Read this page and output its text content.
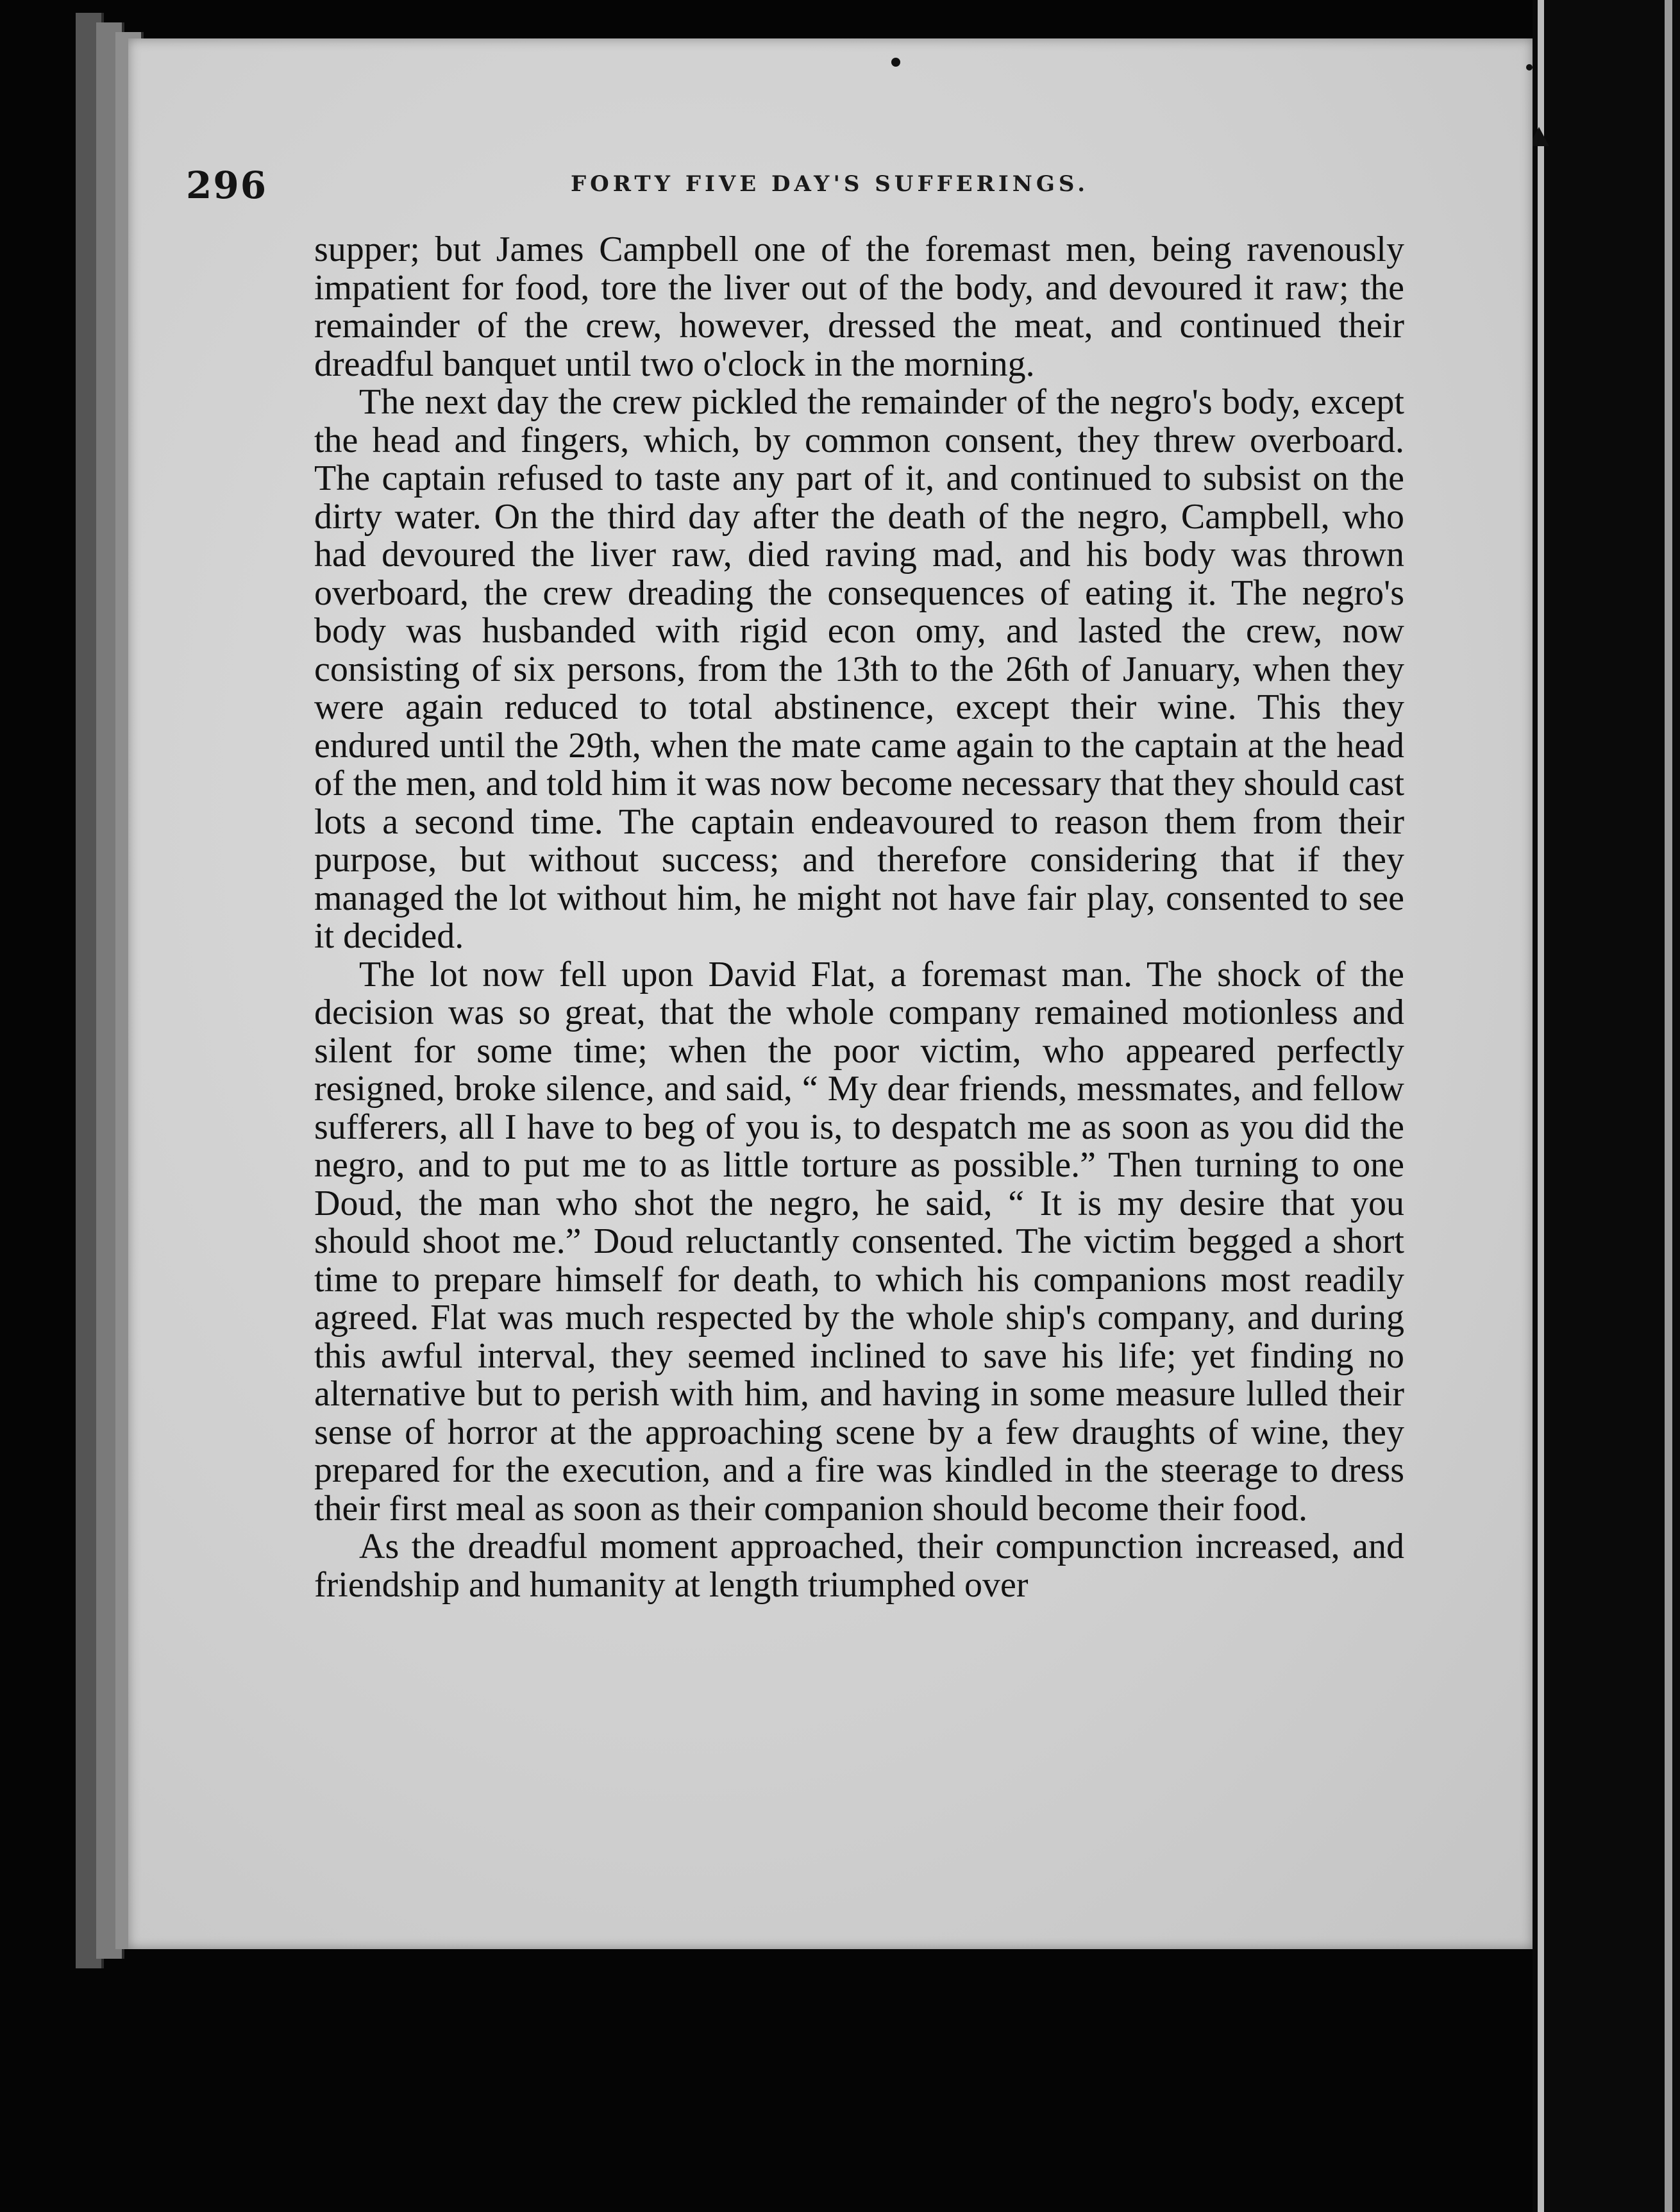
296	FORTY FIVE DAY'S SUFFERINGS.

supper; but James Campbell one of the foremast men, being ravenously impatient for food, tore the liver out of the body, and devoured it raw; the remainder of the crew, however, dressed the meat, and continued their dreadful banquet until two o'clock in the morning.

The next day the crew pickled the remainder of the negro's body, except the head and fingers, which, by common consent, they threw overboard. The captain refused to taste any part of it, and continued to subsist on the dirty water. On the third day after the death of the negro, Campbell, who had devoured the liver raw, died raving mad, and his body was thrown overboard, the crew dreading the consequences of eating it. The negro's body was husbanded with rigid econ omy, and lasted the crew, now consisting of six persons, from the 13th to the 26th of January, when they were again reduced to total abstinence, except their wine. This they endured until the 29th, when the mate came again to the captain at the head of the men, and told him it was now become necessary that they should cast lots a second time. The captain endeavoured to reason them from their purpose, but without success; and therefore considering that if they managed the lot without him, he might not have fair play, consented to see it decided.

The lot now fell upon David Flat, a foremast man. The shock of the decision was so great, that the whole company remained motionless and silent for some time; when the poor victim, who appeared perfectly resigned, broke silence, and said, “ My dear friends, messmates, and fellow sufferers, all I have to beg of you is, to despatch me as soon as you did the negro, and to put me to as little torture as possible.” Then turning to one Doud, the man who shot the negro, he said, “ It is my desire that you should shoot me.” Doud reluctantly consented. The victim begged a short time to prepare himself for death, to which his companions most readily agreed. Flat was much respected by the whole ship's company, and during this awful interval, they seemed inclined to save his life; yet finding no alternative but to perish with him, and having in some measure lulled their sense of horror at the approaching scene by a few draughts of wine, they prepared for the execution, and a fire was kindled in the steerage to dress their first meal as soon as their companion should become their food.

As the dreadful moment approached, their compunction increased, and friendship and humanity at length triumphed over
